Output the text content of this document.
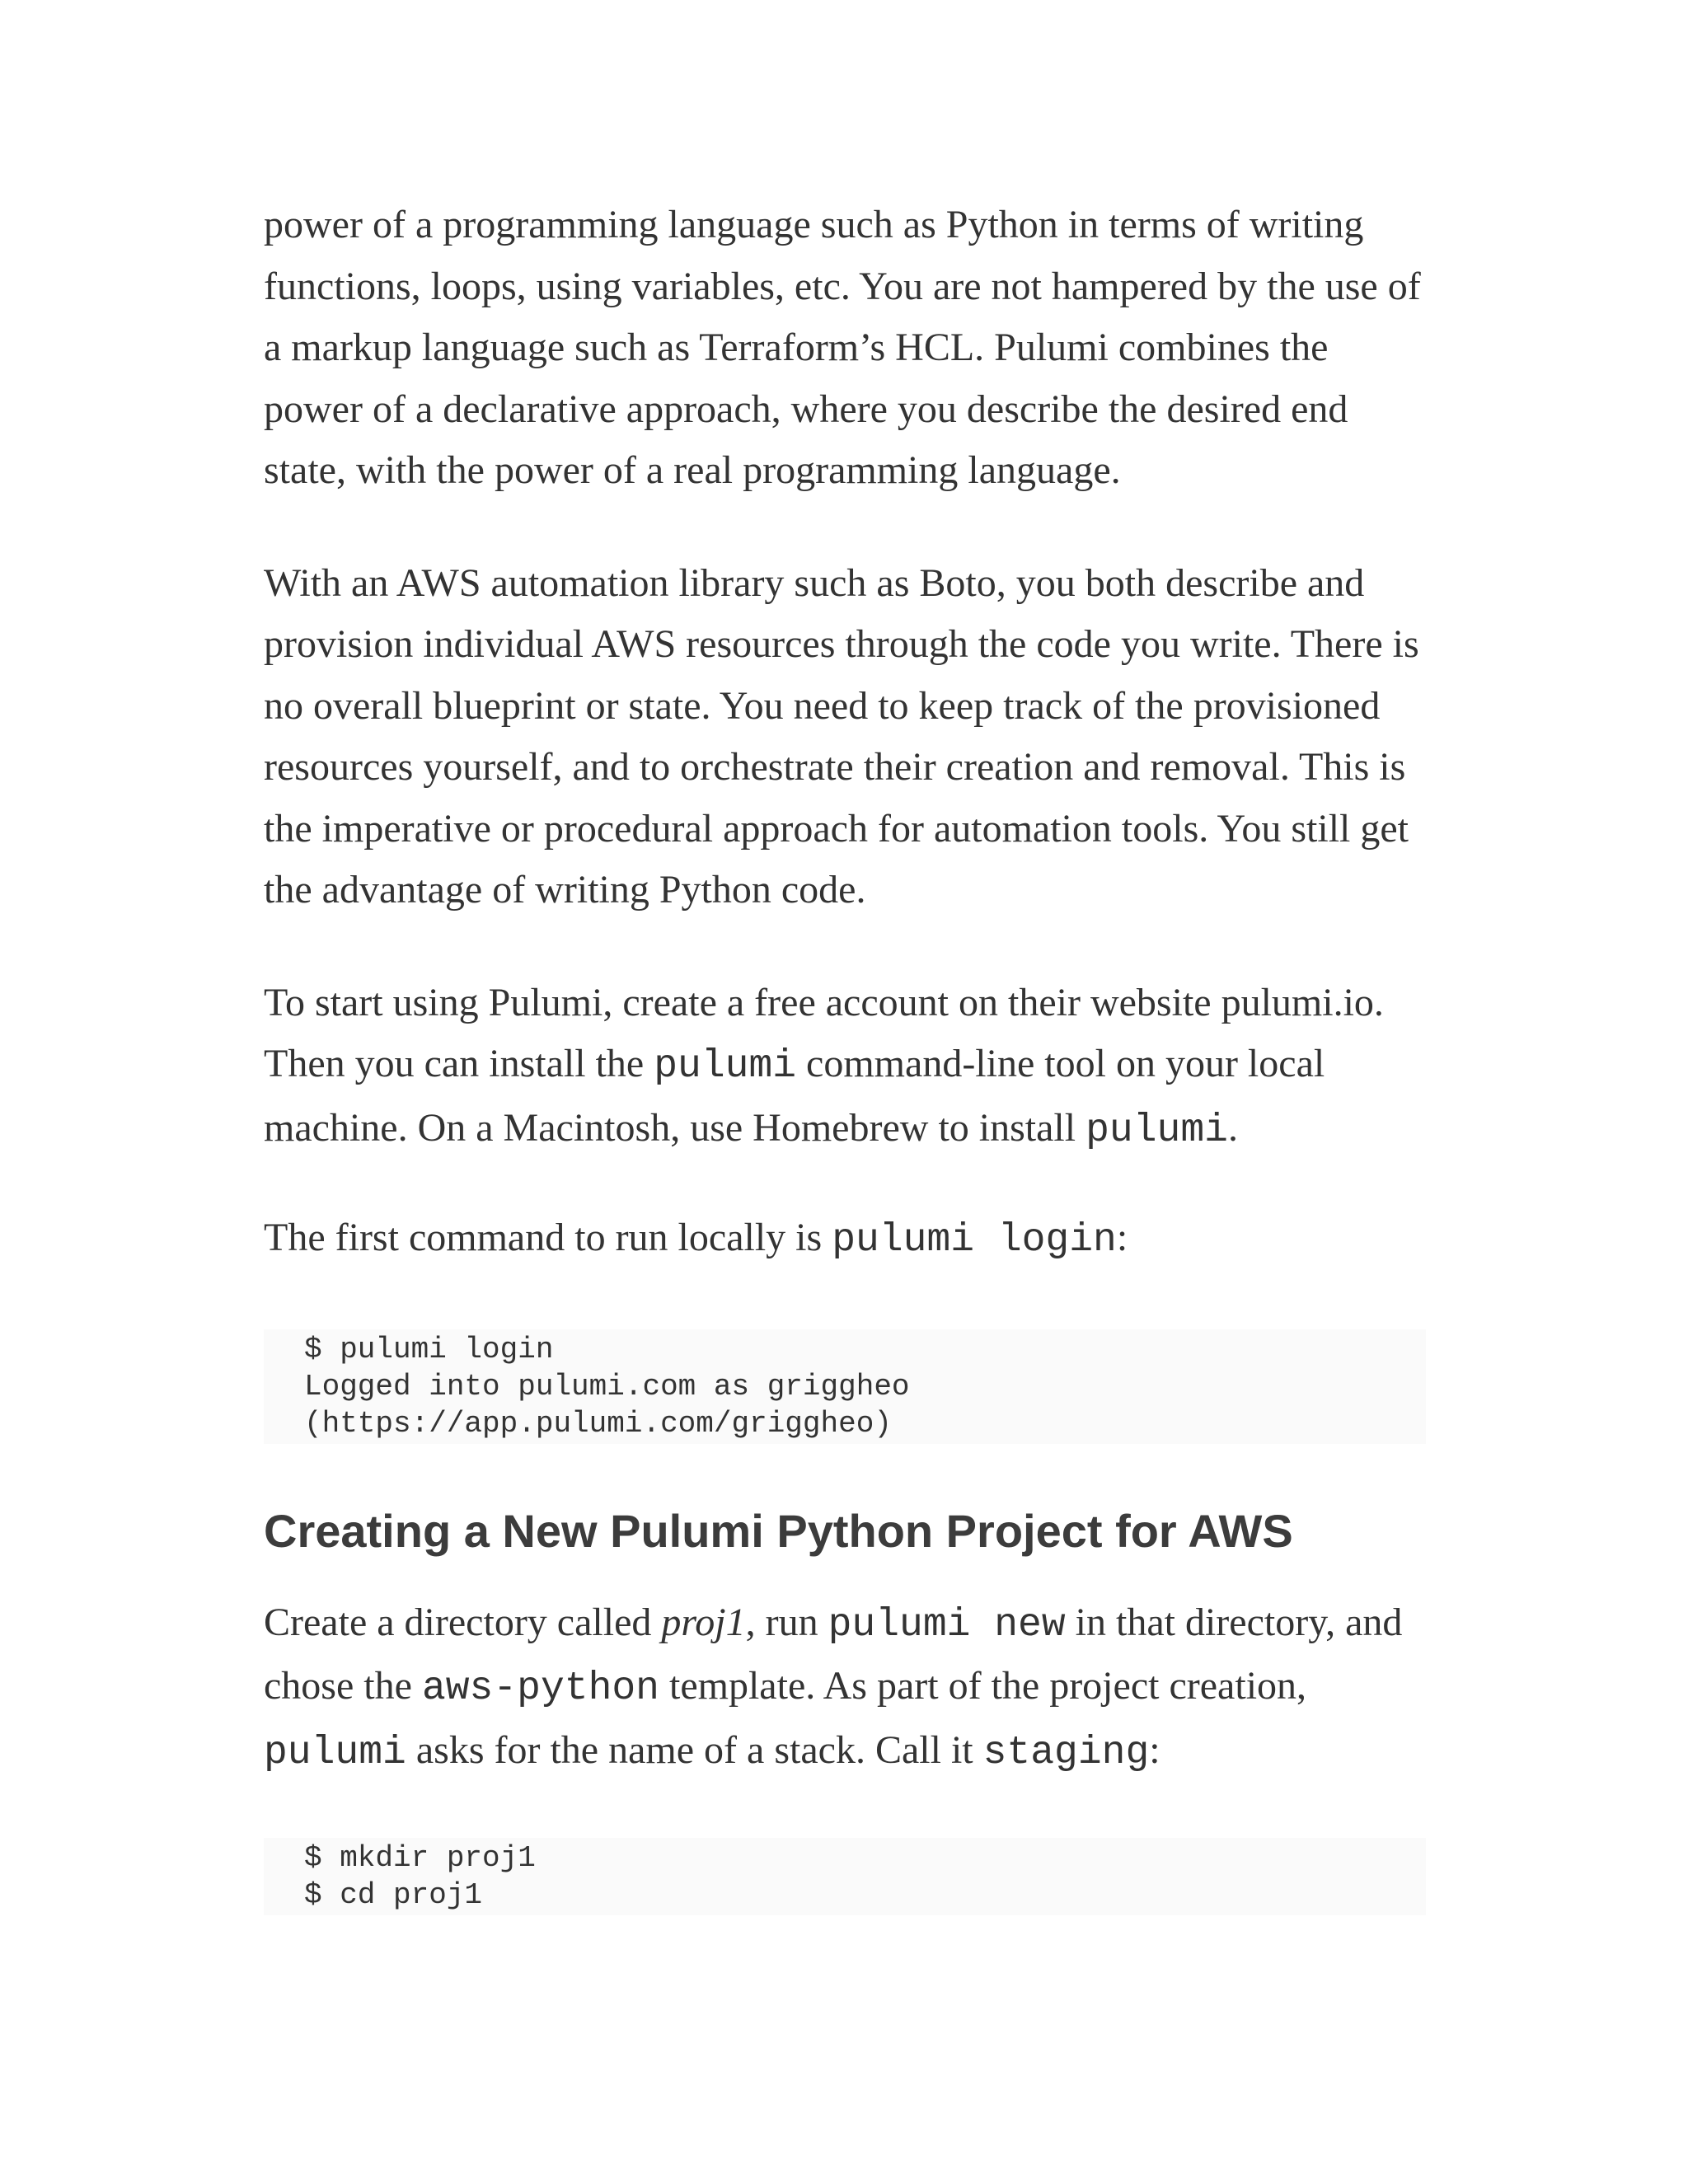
power of a programming language such as Python in terms of writing functions, loops, using variables, etc. You are not hampered by the use of a markup language such as Terraform’s HCL. Pulumi combines the power of a declarative approach, where you describe the desired end state, with the power of a real programming language.

With an AWS automation library such as Boto, you both describe and provision individual AWS resources through the code you write. There is no overall blueprint or state. You need to keep track of the provisioned resources yourself, and to orchestrate their creation and removal. This is the imperative or procedural approach for automation tools. You still get the advantage of writing Python code.

To start using Pulumi, create a free account on their website pulumi.io. Then you can install the pulumi command-line tool on your local machine. On a Macintosh, use Homebrew to install pulumi.

The first command to run locally is pulumi login:

$ pulumi login
Logged into pulumi.com as griggheo
(https://app.pulumi.com/griggheo)
Creating a New Pulumi Python Project for AWS

Create a directory called proj1, run pulumi new in that directory, and chose the aws-python template. As part of the project creation, pulumi asks for the name of a stack. Call it staging:

$ mkdir proj1
$ cd proj1
